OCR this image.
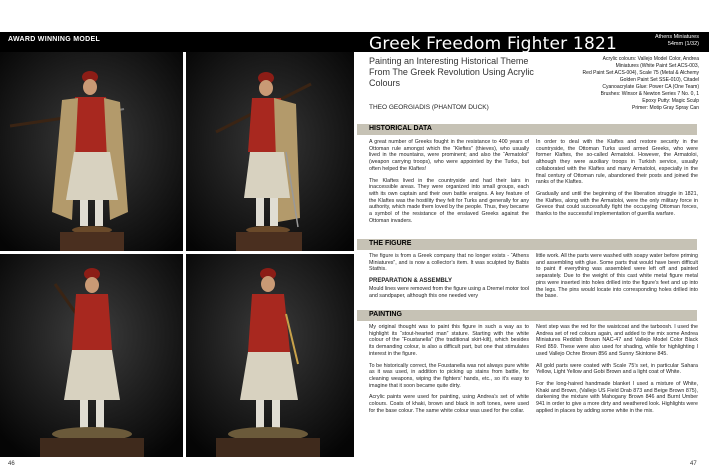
AWARD WINNING MODEL
46
Greek Freedom Fighter 1821	Athens Miniatures
54mm (1/32)
Painting an Interesting Historical Theme From The Greek Revolution Using Acrylic Colours
THEO GEORGIADIS (PHANTOM DUCK)
Acrylic colours: Vallejo Model Color, Andrea
Miniatures (White Paint Set ACS-003,
Red Paint Set ACS-004), Scale 75 (Metal & Alchemy
Golden Paint Set SSE-010), Citadel
Cyanoacrylate Glue: Power CA (One Team)
Brushes: Winsor & Newton Series 7 No. 0, 1
Epoxy Putty: Magic Sculp
Primer: Motip Gray Spray Can
HISTORICAL DATA

A great number of Greeks fought in the resistance to 400 years of Ottoman rule amongst which the “Kleftes” (thieves), who usually lived in the mountains, were prominent; and also the “Armatoloi” (weapon carrying troops), who were appointed by the Turks, but often helped the Klaftes!

The Klaftes lived in the countryside and had their lairs in inaccessible areas. They were organized into small groups, each with its own captain and their own battle ensigns. A key feature of the Klaftes was the hostility they felt for Turks and generally for any authority, which made them loved by the people. Thus, they became a symbol of the resistance of the enslaved Greeks against the Ottoman invaders.

In order to deal with the Klaftes and restore security in the countryside, the Ottoman Turks used armed Greeks, who were former Klaftes, the so-called Armatoloi. However, the Armatoloi, although they were auxiliary troops in Turkish service, usually collaborated with the Klaftes and many Armatoloi, especially in the final century of Ottoman rule, abandoned their posts and joined the ranks of the Klaftes.

Gradually and until the beginning of the liberation struggle in 1821, the Klaftes, along with the Armatoloi, were the only military force in Greece that could successfully fight the occupying Ottoman forces, thanks to the successful implementation of guerilla warfare.

THE FIGURE

The figure is from a Greek company that no longer exists - “Athens Miniatures”, and is now a collector’s item. It was sculpted by Babis Stathis.

PREPARATION & ASSEMBLY

Mould lines were removed from the figure using a Dremel motor tool and sandpaper, although this one needed very

little work. All the parts were washed with soapy water before priming and assembling with glue. Some parts that would have been difficult to paint if everything was assembled were left off and painted separately. Due to the weight of this cast white metal figure metal pins were inserted into holes drilled into the figure’s feet and up into the legs. The pins would locate into corresponding holes drilled into the base.

PAINTING

My original thought was to paint this figure in such a way as to highlight its “stout-hearted man” stature. Starting with the white colour of the “Foustanella” (the traditional skirt-kilt), which besides its demanding colour, is also a difficult part, but one that stimulates interest in the figure.

To be historically correct, the Foustanella was not always pure white as it was used, in addition to picking up stains from battle, for cleaning weapons, wiping the fighters’ hands, etc., so it’s easy to imagine that it soon became quite dirty.

Acrylic paints were used for painting, using Andrea’s set of white colours. Coats of khaki, brown and black in soft tones, were used for the base colour. The same white colour was used for the collar.

Next step was the red for the waistcoat and the tarboosh. I used the Andrea set of red colours again, and added to the mix some Andrea Miniatures Reddish Brown NAC-47 and Vallejo Model Color Black Red 859. These were also used for shading, while for highlighting I used Vallejo Ochre Brown 856 and Sunny Skintone 845.

All gold parts were coated with Scale 75’s set, in particular Sahara Yellow, Light Yellow and Gobi Brown and a light coat of White.

For the long-haired handmade blanket I used a mixture of White, Khaki and Brown, (Vallejo US Field Drab 873 and Beige Brown 875), darkening the mixture with Mahogany Brown 846 and Burnt Umber 941 in order to give a more dirty and weathered look. Highlights were applied in places by adding some white in the mix.

47
